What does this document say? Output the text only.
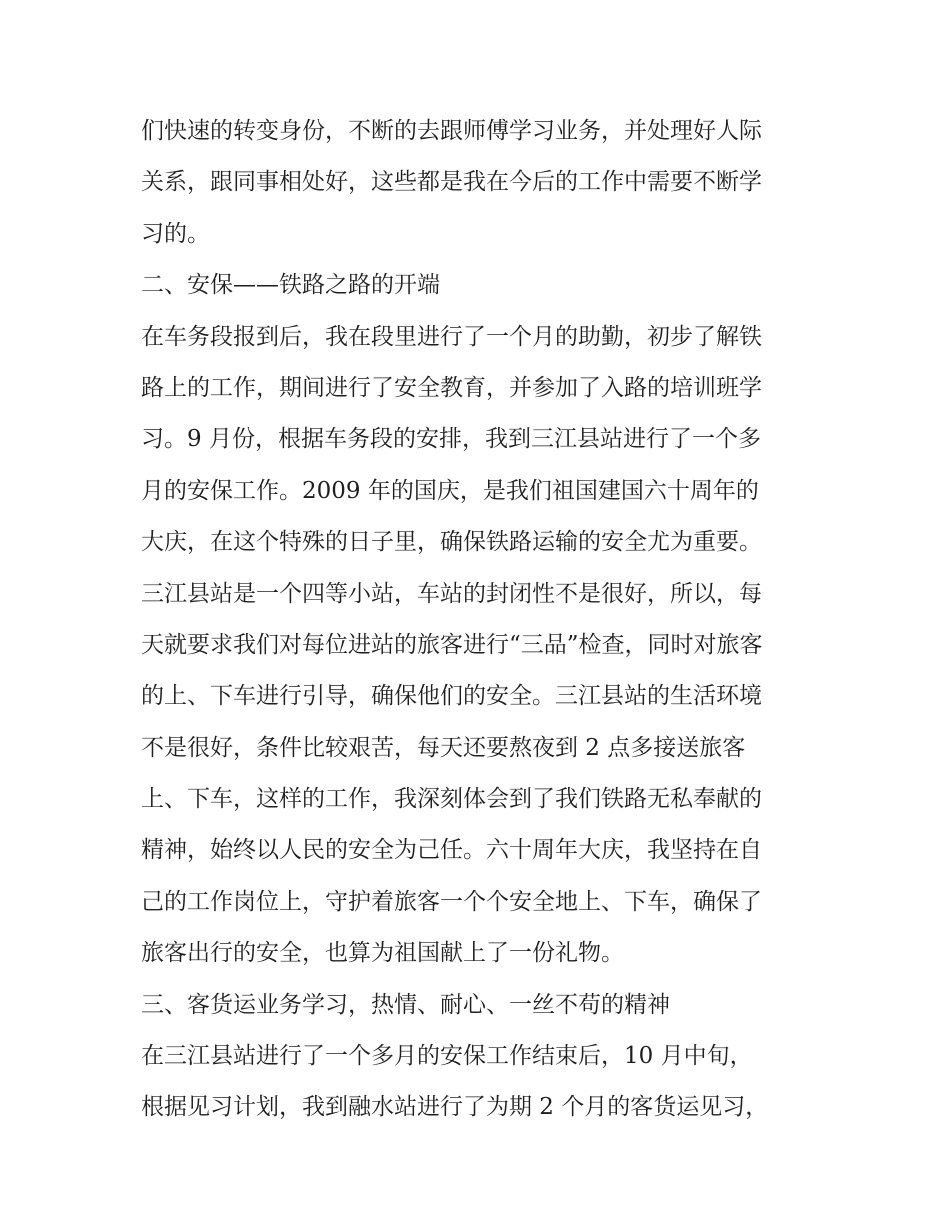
们快速的转变身份，不断的去跟师傅学习业务，并处理好人际
关系，跟同事相处好，这些都是我在今后的工作中需要不断学
习的。
二、安保——铁路之路的开端
在车务段报到后，我在段里进行了一个月的助勤，初步了解铁
路上的工作，期间进行了安全教育，并参加了入路的培训班学
习。9 月份，根据车务段的安排，我到三江县站进行了一个多
月的安保工作。2009 年的国庆，是我们祖国建国六十周年的
大庆，在这个特殊的日子里，确保铁路运输的安全尤为重要。
三江县站是一个四等小站，车站的封闭性不是很好，所以，每
天就要求我们对每位进站的旅客进行“三品”检查，同时对旅客
的上、下车进行引导，确保他们的安全。三江县站的生活环境
不是很好，条件比较艰苦，每天还要熬夜到 2 点多接送旅客
上、下车，这样的工作，我深刻体会到了我们铁路无私奉献的
精神，始终以人民的安全为己任。六十周年大庆，我坚持在自
己的工作岗位上，守护着旅客一个个安全地上、下车，确保了
旅客出行的安全，也算为祖国献上了一份礼物。
三、客货运业务学习，热情、耐心、一丝不苟的精神
在三江县站进行了一个多月的安保工作结束后，10 月中旬，
根据见习计划，我到融水站进行了为期 2 个月的客货运见习，
